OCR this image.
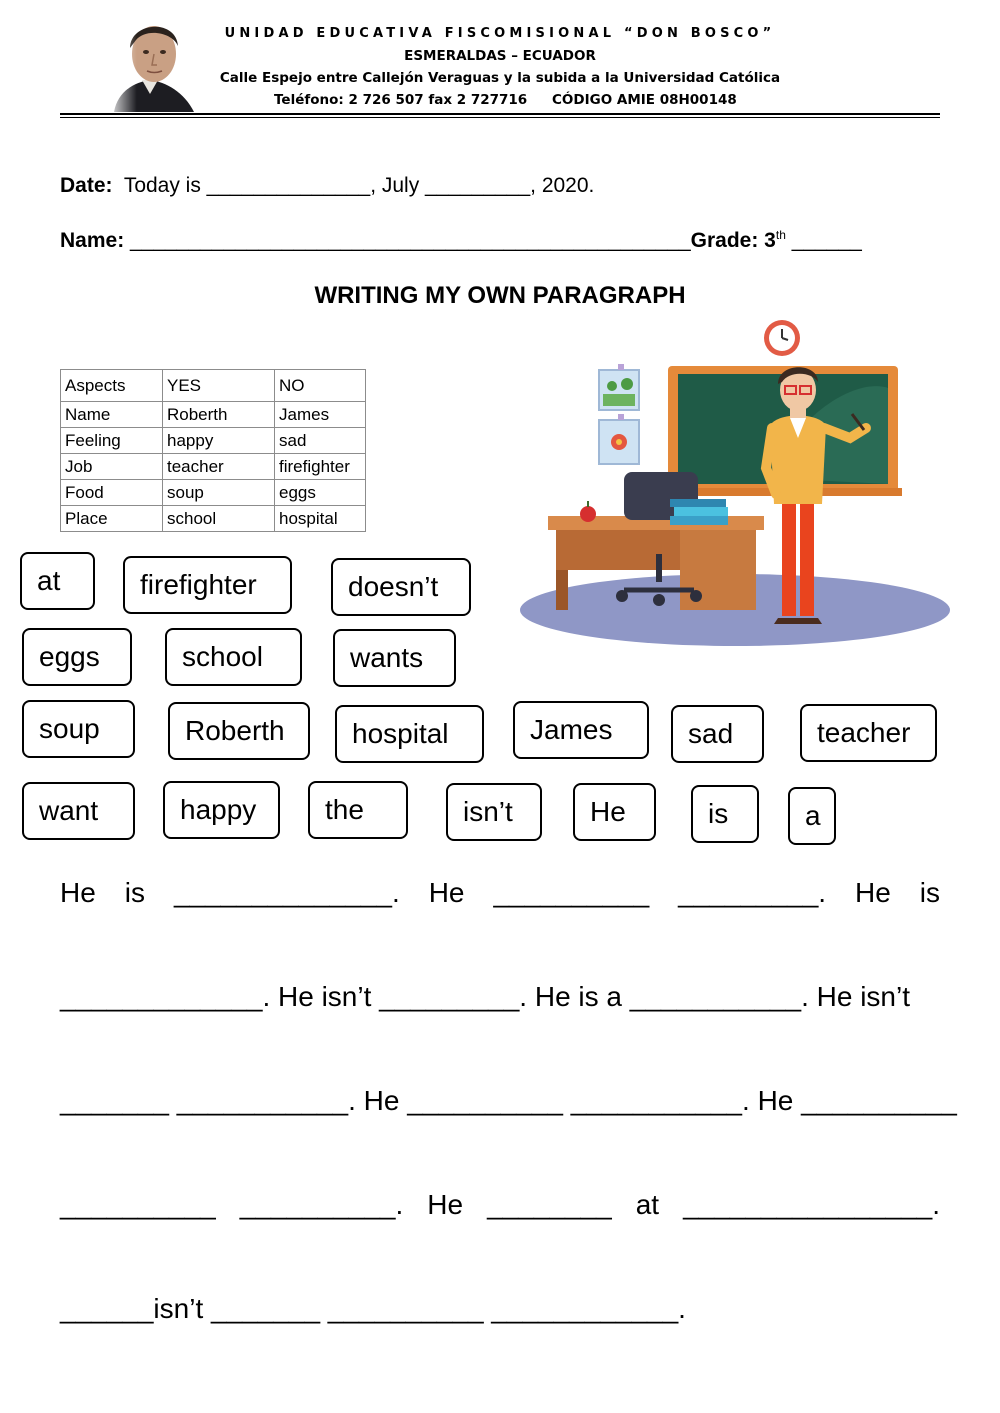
UNIDAD EDUCATIVA FISCOMISIONAL “DON BOSCO”
ESMERALDAS – ECUADOR
Calle Espejo entre Callejón Veraguas y la subida a la Universidad Católica
Teléfono: 2 726 507 fax 2 727716 CÓDIGO AMIE 08H00148
Date: Today is ______________, July _________, 2020.
Name: ________________________________________________Grade: 3th ______
WRITING MY OWN PARAGRAPH
Aspects	YES	NO
Name	Roberth	James
Feeling	happy	sad
Job	teacher	firefighter
Food	soup	eggs
Place	school	hospital
at	firefighter	doesn’t
eggs	school	wants
soup	Roberth	hospital	James	sad	teacher
want	happy	the	isn’t	He	is	a
He is ______________. He __________ _________. He is
_____________. He isn’t _________. He is a ___________. He isn’t
_______ ___________. He __________ ___________. He __________
__________ __________. He ________ at ________________.
______isn’t _______ __________ ____________.
